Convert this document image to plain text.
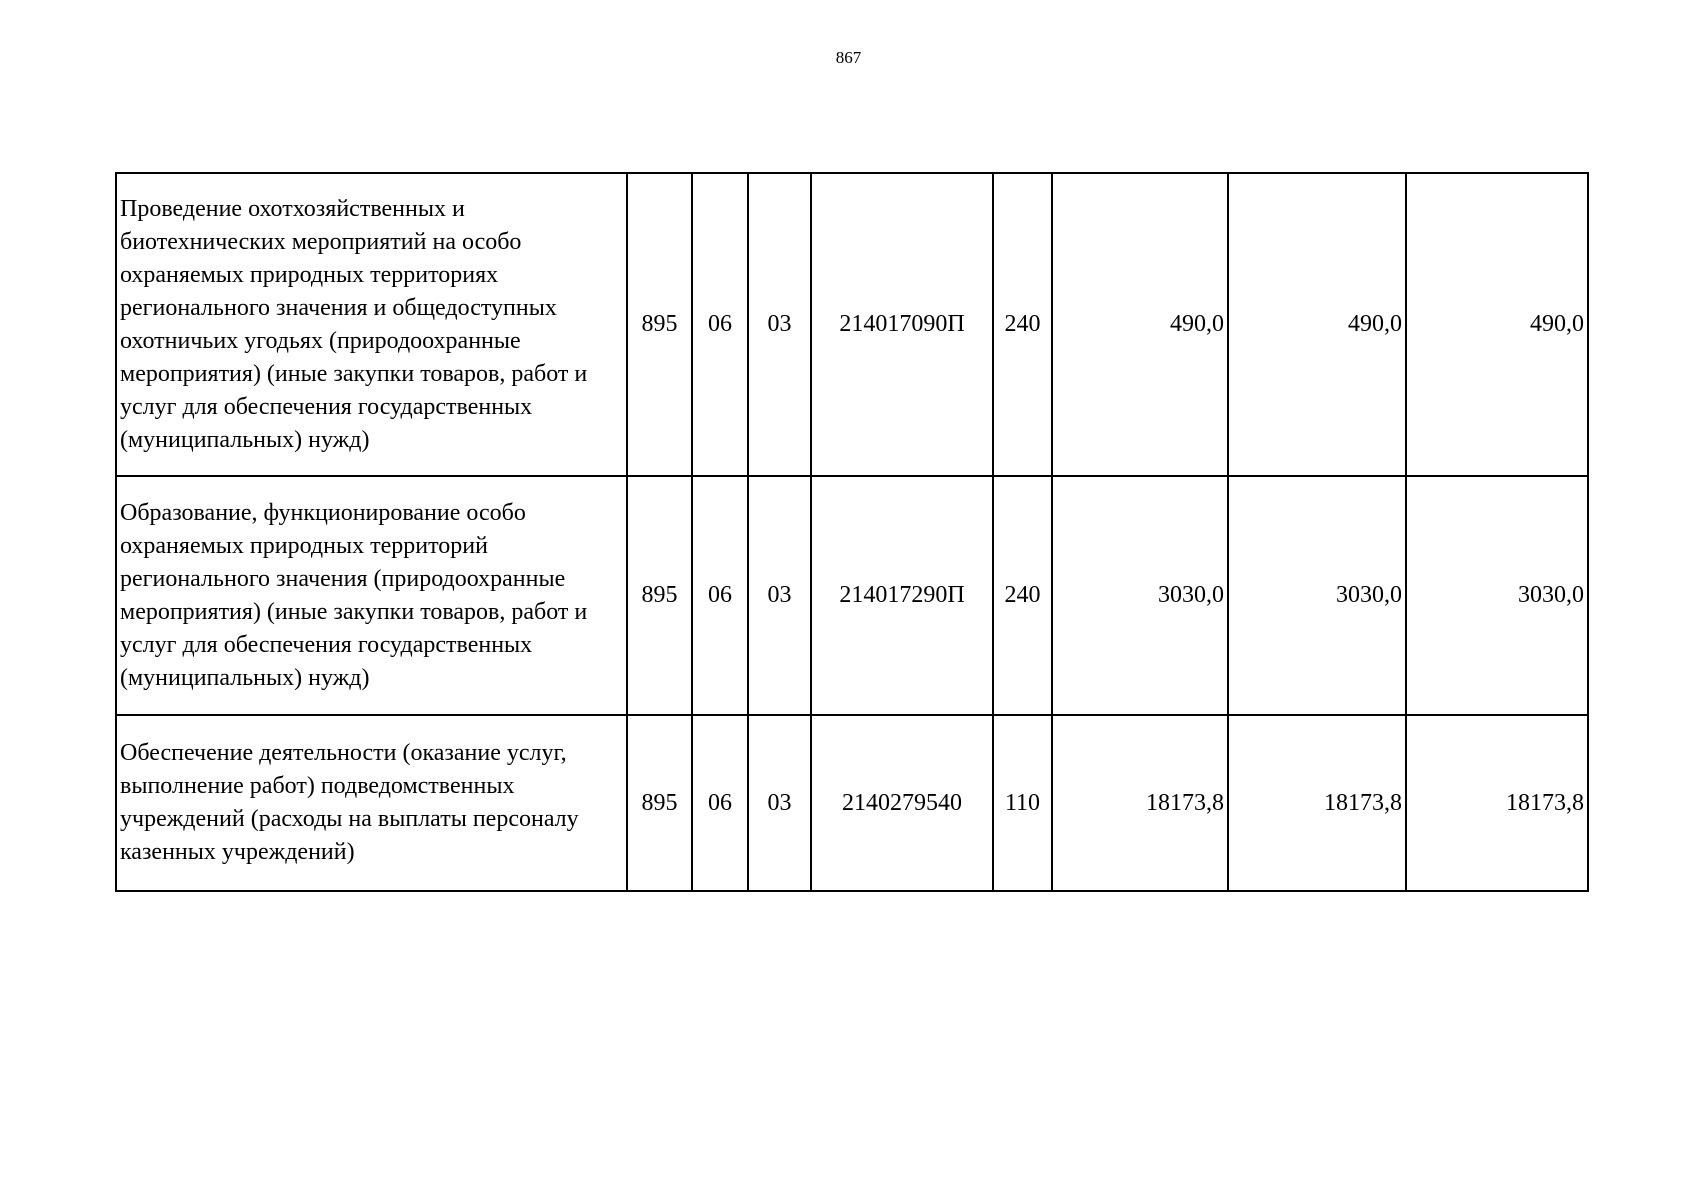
867
Проведение охотхозяйственных и биотехнических мероприятий на особо охраняемых природных территориях регионального значения и общедоступных охотничьих угодьях (природоохранные мероприятия) (иные закупки товаров, работ и услуг для обеспечения государственных (муниципальных) нужд)	895	06	03	214017090П	240	490,0	490,0	490,0
Образование, функционирование особо охраняемых природных территорий регионального значения (природоохранные мероприятия) (иные закупки товаров, работ и услуг для обеспечения государственных (муниципальных) нужд)	895	06	03	214017290П	240	3030,0	3030,0	3030,0
Обеспечение деятельности (оказание услуг, выполнение работ) подведомственных учреждений (расходы на выплаты персоналу казенных учреждений)	895	06	03	2140279540	110	18173,8	18173,8	18173,8
